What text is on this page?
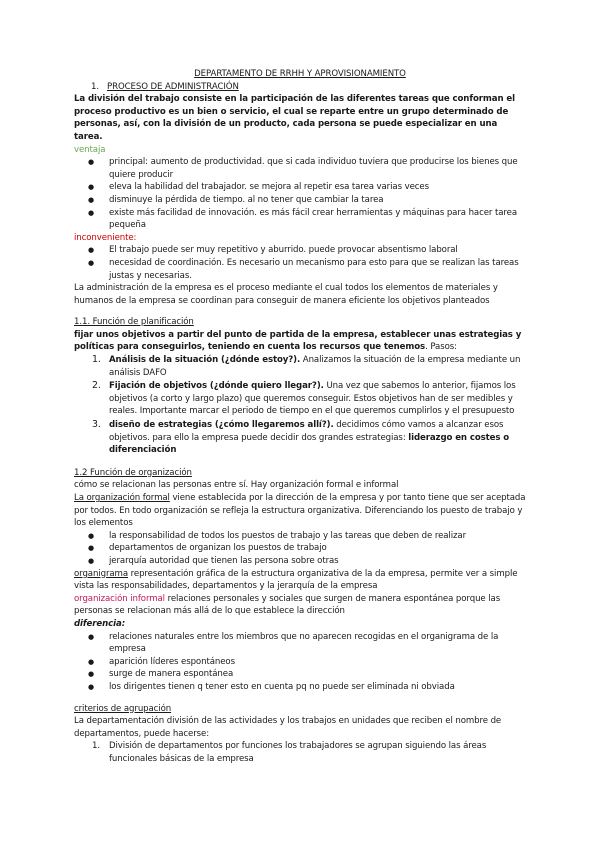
DEPARTAMENTO DE RRHH Y APROVISIONAMIENTO

1. PROCESO DE ADMINISTRACIÓN
La división del trabajo consiste en la participación de las diferentes tareas que conforman el proceso productivo es un bien o servicio, el cual se reparte entre un grupo determinado de personas, así, con la división de un producto, cada persona se puede especializar en una tarea.
ventaja
● principal: aumento de productividad. que si cada individuo tuviera que producirse los bienes que quiere producir
● eleva la habilidad del trabajador. se mejora al repetir esa tarea varias veces
● disminuye la pérdida de tiempo. al no tener que cambiar la tarea
● existe más facilidad de innovación. es más fácil crear herramientas y máquinas para hacer tarea pequeña
inconveniente:
● El trabajo puede ser muy repetitivo y aburrido. puede provocar absentismo laboral
● necesidad de coordinación. Es necesario un mecanismo para esto para que se realizan las tareas justas y necesarias.
La administración de la empresa es el proceso mediante el cual todos los elementos de materiales y humanos de la empresa se coordinan para conseguir de manera eficiente los objetivos planteados
1.1. Función de planificación
fijar unos objetivos a partir del punto de partida de la empresa, establecer unas estrategias y políticas para conseguirlos, teniendo en cuenta los recursos que tenemos. Pasos:
1. Análisis de la situación (¿dónde estoy?). Analizamos la situación de la empresa mediante un análisis DAFO
2. Fijación de objetivos (¿dónde quiero llegar?). Una vez que sabemos lo anterior, fijamos los objetivos (a corto y largo plazo) que queremos conseguir. Estos objetivos han de ser medibles y reales. Importante marcar el periodo de tiempo en el que queremos cumplirlos y el presupuesto
3. diseño de estrategias (¿cómo llegaremos allí?). decidimos cómo vamos a alcanzar esos objetivos. para ello la empresa puede decidir dos grandes estrategias: liderazgo en costes o diferenciación
1.2 Función de organización
cómo se relacionan las personas entre sí. Hay organización formal e informal
La organización formal viene establecida por la dirección de la empresa y por tanto tiene que ser aceptada por todos. En todo organización se refleja la estructura organizativa. Diferenciando los puesto de trabajo y los elementos
● la responsabilidad de todos los puestos de trabajo y las tareas que deben de realizar
● departamentos de organizan los puestos de trabajo
● jerarquía autoridad que tienen las persona sobre otras
organigrama representación gráfica de la estructura organizativa de la da empresa, permite ver a simple vista las responsabilidades, departamentos y la jerarquía de la empresa
organización informal relaciones personales y sociales que surgen de manera espontánea porque las personas se relacionan más allá de lo que establece la dirección
diferencia:
● relaciones naturales entre los miembros que no aparecen recogidas en el organigrama de la empresa
● aparición líderes espontáneos
● surge de manera espontánea
● los dirigentes tienen q tener esto en cuenta pq no puede ser eliminada ni obviada
criterios de agrupación
La departamentación división de las actividades y los trabajos en unidades que reciben el nombre de departamentos, puede hacerse:
1. División de departamentos por funciones los trabajadores se agrupan siguiendo las áreas funcionales básicas de la empresa
